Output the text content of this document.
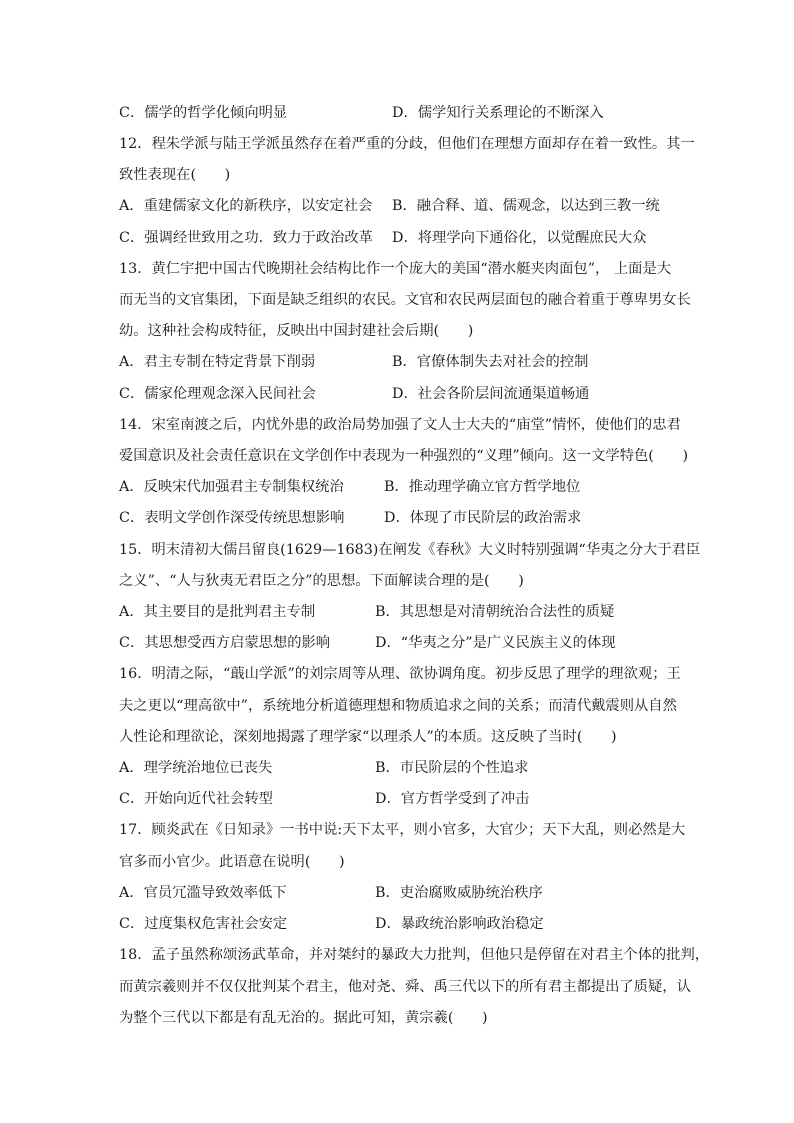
C．儒学的哲学化倾向明显	D．儒学知行关系理论的不断深入
12．程朱学派与陆王学派虽然存在着严重的分歧，但他们在理想方面却存在着一致性。其一
致性表现在(　　)
A．重建儒家文化的新秩序，以安定社会 B．融合释、道、儒观念，以达到三教一统
C．强调经世致用之功．致力于政治改革 D．将理学向下通俗化，以觉醒庶民大众
13．黄仁宇把中国古代晚期社会结构比作一个庞大的美国“潜水艇夹肉面包”， 上面是大
而无当的文官集团，下面是缺乏组织的农民。文官和农民两层面包的融合着重于尊卑男女长
幼。这种社会构成特征，反映出中国封建社会后期(　　)
A．君主专制在特定背景下削弱	B．官僚体制失去对社会的控制
C．儒家伦理观念深入民间社会	D．社会各阶层间流通渠道畅通
14．宋室南渡之后，内忧外患的政治局势加强了文人士大夫的“庙堂”情怀，使他们的忠君
爱国意识及社会责任意识在文学创作中表现为一种强烈的“义理”倾向。这一文学特色(　　)
A．反映宋代加强君主专制集权统治	B．推动理学确立官方哲学地位
C．表明文学创作深受传统思想影响	D．体现了市民阶层的政治需求
15．明末清初大儒吕留良(1629—1683)在阐发《春秋》大义时特别强调“华夷之分大于君臣
之义”、“人与狄夷无君臣之分”的思想。下面解读合理的是(　　)
A．其主要目的是批判君主专制	B．其思想是对清朝统治合法性的质疑
C．其思想受西方启蒙思想的影响	D．“华夷之分”是广义民族主义的体现
16．明清之际，“蕺山学派”的刘宗周等从理、欲协调角度。初步反思了理学的理欲观；王
夫之更以“理高欲中”，系统地分析道德理想和物质追求之间的关系；而清代戴震则从自然
人性论和理欲论，深刻地揭露了理学家“以理杀人”的本质。这反映了当时(　　)
A．理学统治地位已丧失	B．市民阶层的个性追求
C．开始向近代社会转型	D．官方哲学受到了冲击
17．顾炎武在《日知录》一书中说:天下太平，则小官多，大官少；天下大乱，则必然是大
官多而小官少。此语意在说明(　　)
A．官员冗滥导致效率低下	B．吏治腐败威胁统治秩序
C．过度集权危害社会安定	D．暴政统治影响政治稳定
18．孟子虽然称颂汤武革命，并对桀纣的暴政大力批判，但他只是停留在对君主个体的批判，
而黄宗羲则并不仅仅批判某个君主，他对尧、舜、禹三代以下的所有君主都提出了质疑，认
为整个三代以下都是有乱无治的。据此可知，黄宗羲(　　)
